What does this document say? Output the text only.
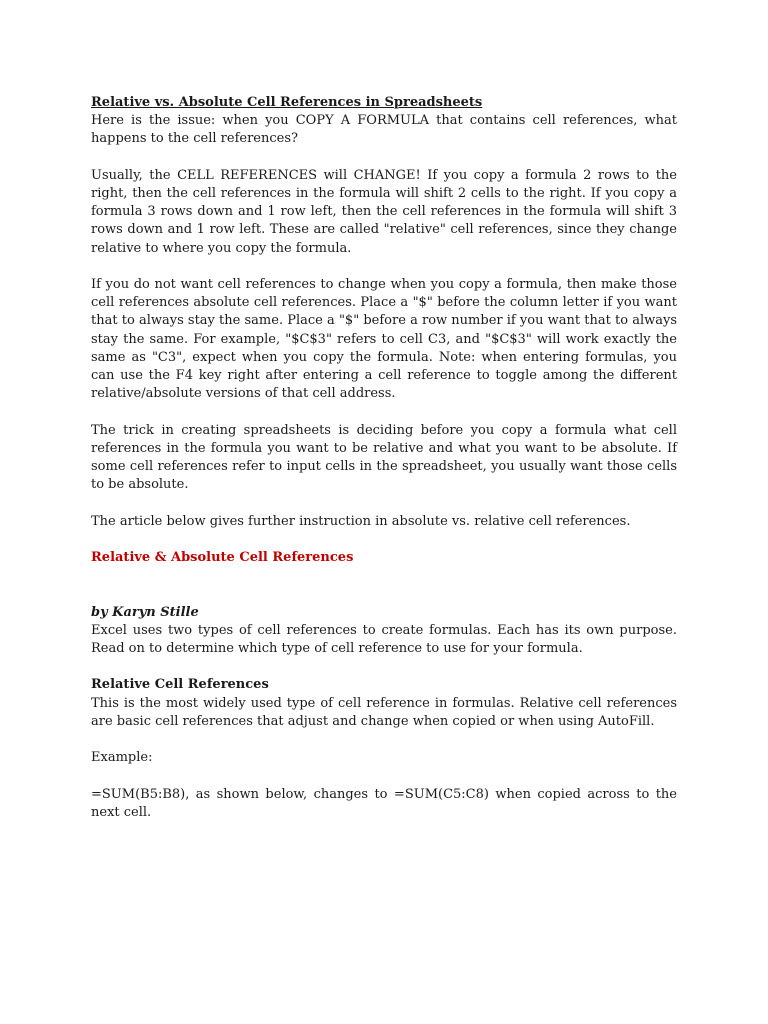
Relative vs. Absolute Cell References in Spreadsheets

Here is the issue: when you COPY A FORMULA that contains cell references, what happens to the cell references?

Usually, the CELL REFERENCES will CHANGE! If you copy a formula 2 rows to the right, then the cell references in the formula will shift 2 cells to the right. If you copy a formula 3 rows down and 1 row left, then the cell references in the formula will shift 3 rows down and 1 row left. These are called "relative" cell references, since they change relative to where you copy the formula.

If you do not want cell references to change when you copy a formula, then make those cell references absolute cell references. Place a "$" before the column letter if you want that to always stay the same. Place a "$" before a row number if you want that to always stay the same. For example, "$C$3" refers to cell C3, and "$C$3" will work exactly the same as "C3", expect when you copy the formula. Note: when entering formulas, you can use the F4 key right after entering a cell reference to toggle among the different relative/absolute versions of that cell address.

The trick in creating spreadsheets is deciding before you copy a formula what cell references in the formula you want to be relative and what you want to be absolute. If some cell references refer to input cells in the spreadsheet, you usually want those cells to be absolute.

The article below gives further instruction in absolute vs. relative cell references.

Relative & Absolute Cell References

by Karyn Stille

Excel uses two types of cell references to create formulas. Each has its own purpose. Read on to determine which type of cell reference to use for your formula.

Relative Cell References

This is the most widely used type of cell reference in formulas. Relative cell references are basic cell references that adjust and change when copied or when using AutoFill.

Example:

=SUM(B5:B8), as shown below, changes to =SUM(C5:C8) when copied across to the next cell.
